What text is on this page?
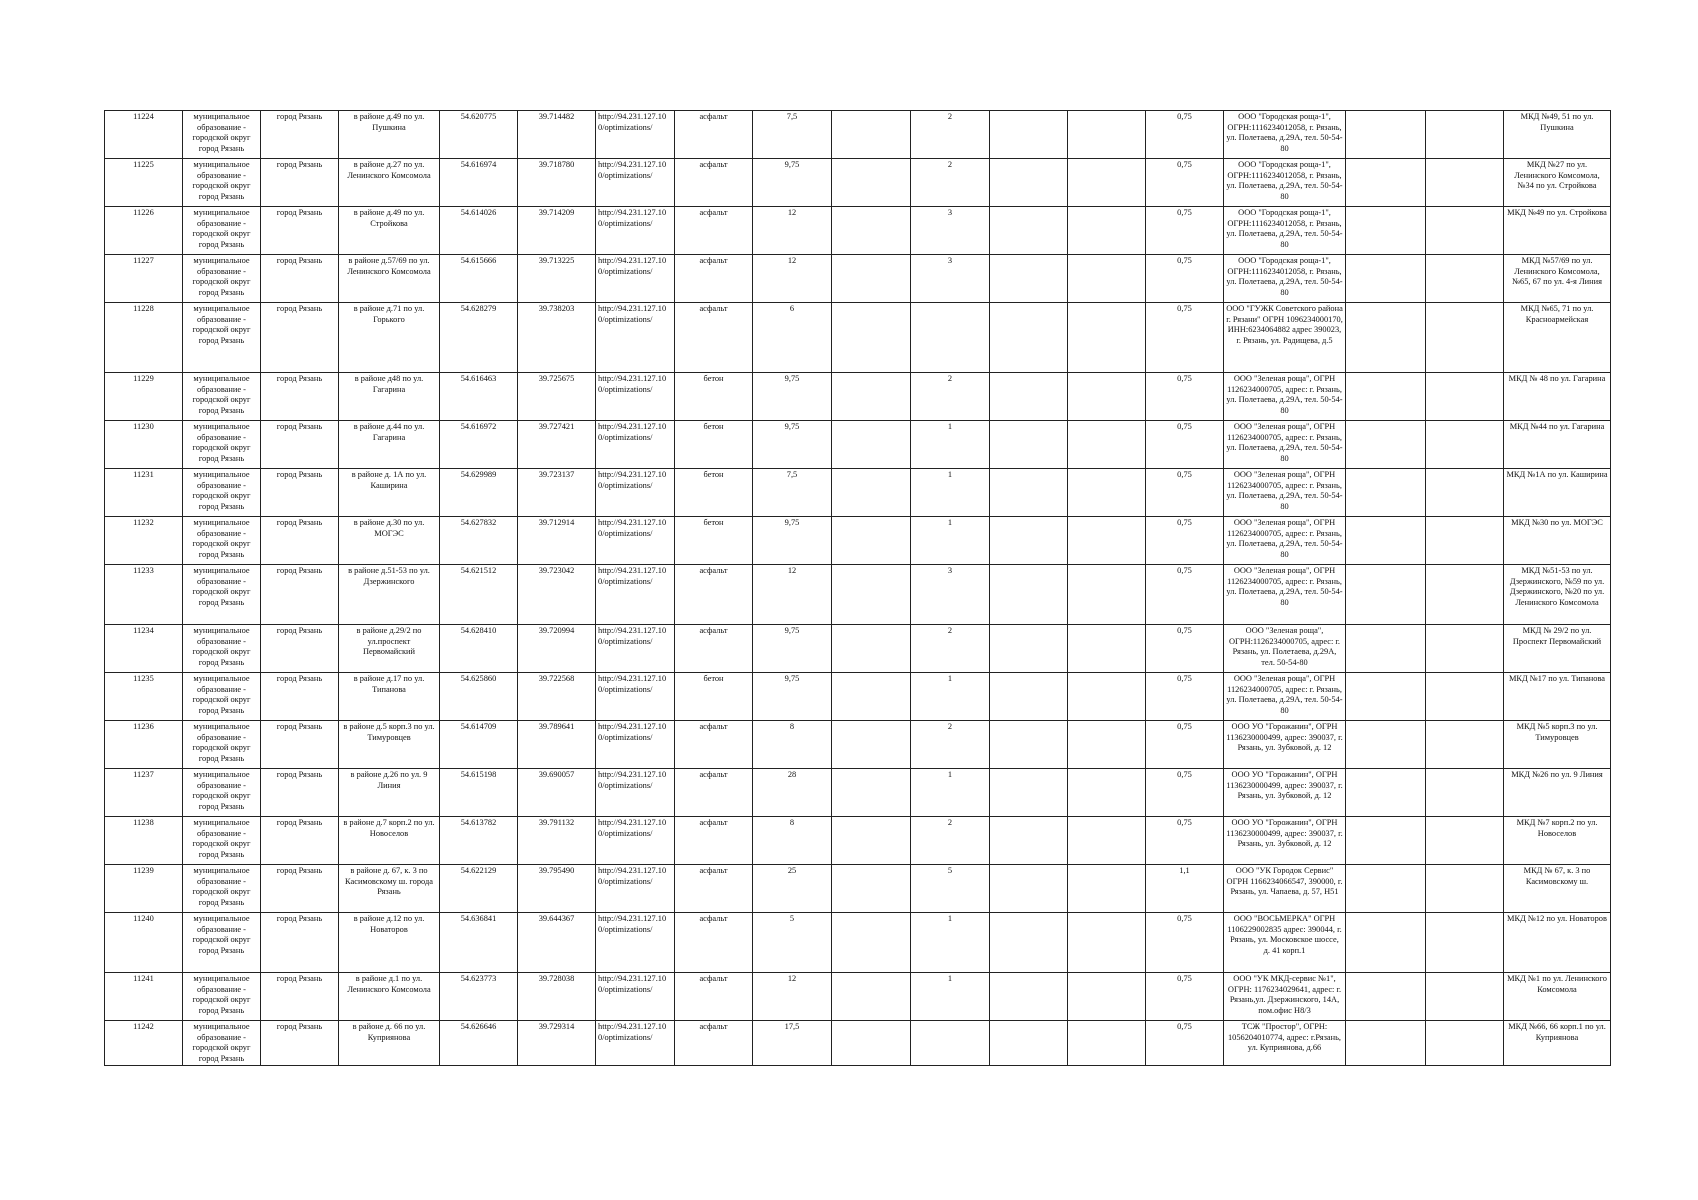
11224	муниципальное образование - городской округ город Рязань	город Рязань	в районе д.49 по ул. Пушкина	54.620775	39.714482	http://94.231.127.10 0/optimizations/	асфальт	7,5		2			0,75	ООО "Городская роща-1", ОГРН:1116234012058, г. Рязань, ул. Полетаева, д.29А, тел. 50-54-80			МКД №49, 51 по ул. Пушкина
11225	муниципальное образование - городской округ город Рязань	город Рязань	в районе д.27 по ул. Ленинского Комсомола	54.616974	39.718780	http://94.231.127.10 0/optimizations/	асфальт	9,75		2			0,75	ООО "Городская роща-1", ОГРН:1116234012058, г. Рязань, ул. Полетаева, д.29А, тел. 50-54-80			МКД №27 по ул. Ленинского Комсомола, №34 по ул. Стройкова
11226	муниципальное образование - городской округ город Рязань	город Рязань	в районе д.49 по ул. Стройкова	54.614026	39.714209	http://94.231.127.10 0/optimizations/	асфальт	12		3			0,75	ООО "Городская роща-1", ОГРН:1116234012058, г. Рязань, ул. Полетаева, д.29А, тел. 50-54-80			МКД №49 по ул. Стройкова
11227	муниципальное образование - городской округ город Рязань	город Рязань	в районе д.57/69 по ул. Ленинского Комсомола	54.615666	39.713225	http://94.231.127.10 0/optimizations/	асфальт	12		3			0,75	ООО "Городская роща-1", ОГРН:1116234012058, г. Рязань, ул. Полетаева, д.29А, тел. 50-54-80			МКД №57/69 по ул. Ленинского Комсомола, №65, 67 по ул. 4-я Линия
11228	муниципальное образование - городской округ город Рязань	город Рязань	в районе д.71 по ул. Горького	54.628279	39.738203	http://94.231.127.10 0/optimizations/	асфальт	6					0,75	ООО "ГУЖК Советского района г. Рязани" ОГРН 1096234000170, ИНН:6234064882 адрес 390023, г. Рязань, ул. Радищева, д.5			МКД №65, 71 по ул. Красноармейская
11229	муниципальное образование - городской округ город Рязань	город Рязань	в районе д48 по ул. Гагарина	54.616463	39.725675	http://94.231.127.10 0/optimizations/	бетон	9,75		2			0,75	ООО "Зеленая роща", ОГРН 1126234000705, адрес: г. Рязань, ул. Полетаева, д.29А, тел. 50-54-80			МКД № 48 по ул. Гагарина
11230	муниципальное образование - городской округ город Рязань	город Рязань	в районе д.44 по ул. Гагарина	54.616972	39.727421	http://94.231.127.10 0/optimizations/	бетон	9,75		1			0,75	ООО "Зеленая роща", ОГРН 1126234000705, адрес: г. Рязань, ул. Полетаева, д.29А, тел. 50-54-80			МКД №44 по ул. Гагарина
11231	муниципальное образование - городской округ город Рязань	город Рязань	в районе д. 1А по ул. Каширина	54.629989	39.723137	http://94.231.127.10 0/optimizations/	бетон	7,5		1			0,75	ООО "Зеленая роща", ОГРН 1126234000705, адрес: г. Рязань, ул. Полетаева, д.29А, тел. 50-54-80			МКД №1А по ул. Каширина
11232	муниципальное образование - городской округ город Рязань	город Рязань	в районе д.30 по ул. МОГЭС	54.627832	39.712914	http://94.231.127.10 0/optimizations/	бетон	9,75		1			0,75	ООО "Зеленая роща", ОГРН 1126234000705, адрес: г. Рязань, ул. Полетаева, д.29А, тел. 50-54-80			МКД №30 по ул. МОГЭС
11233	муниципальное образование - городской округ город Рязань	город Рязань	в районе д.51-53 по ул. Дзержинского	54.621512	39.723042	http://94.231.127.10 0/optimizations/	асфальт	12		3			0,75	ООО "Зеленая роща", ОГРН 1126234000705, адрес: г. Рязань, ул. Полетаева, д.29А, тел. 50-54-80			МКД №51-53 по ул. Дзержинского, №59 по ул. Дзержинского, №20 по ул. Ленинского Комсомола
11234	муниципальное образование - городской округ город Рязань	город Рязань	в районе д.29/2 по ул.проспект Первомайский	54.628410	39.720994	http://94.231.127.10 0/optimizations/	асфальт	9,75		2			0,75	ООО "Зеленая роща", ОГРН:1126234000705, адрес: г. Рязань, ул. Полетаева, д.29А, тел. 50-54-80			МКД № 29/2 по ул. Проспект Первомайский
11235	муниципальное образование - городской округ город Рязань	город Рязань	в районе д.17 по ул. Типанова	54.625860	39.722568	http://94.231.127.10 0/optimizations/	бетон	9,75		1			0,75	ООО "Зеленая роща", ОГРН 1126234000705, адрес: г. Рязань, ул. Полетаева, д.29А, тел. 50-54-80			МКД №17 по ул. Типанова
11236	муниципальное образование - городской округ город Рязань	город Рязань	в районе д.5 корп.3 по ул. Тимуровцев	54.614709	39.789641	http://94.231.127.10 0/optimizations/	асфальт	8		2			0,75	ООО УО "Горожанин", ОГРН 1136230000499, адрес: 390037, г. Рязань, ул. Зубковой, д. 12			МКД №5 корп.3 по ул. Тимуровцев
11237	муниципальное образование - городской округ город Рязань	город Рязань	в районе д.26 по ул. 9 Линия	54.615198	39.690057	http://94.231.127.10 0/optimizations/	асфальт	28		1			0,75	ООО УО "Горожанин", ОГРН 1136230000499, адрес: 390037, г. Рязань, ул. Зубковой, д. 12			МКД №26 по ул. 9 Линия
11238	муниципальное образование - городской округ город Рязань	город Рязань	в районе д.7 корп.2 по ул. Новоселов	54.613782	39.791132	http://94.231.127.10 0/optimizations/	асфальт	8		2			0,75	ООО УО "Горожанин", ОГРН 1136230000499, адрес: 390037, г. Рязань, ул. Зубковой, д. 12			МКД №7 корп.2 по ул. Новоселов
11239	муниципальное образование - городской округ город Рязань	город Рязань	в районе д. 67, к. 3 по Касимовскому ш. города Рязань	54.622129	39.795490	http://94.231.127.10 0/optimizations/	асфальт	25		5			1,1	ООО "УК Городок Сервис" ОГРН 1166234066547, 390000, г. Рязань, ул. Чапаева, д. 57, Н51			МКД № 67, к. 3 по Касимовскому ш.
11240	муниципальное образование - городской округ город Рязань	город Рязань	в районе д.12 по ул. Новаторов	54.636841	39.644367	http://94.231.127.10 0/optimizations/	асфальт	5		1			0,75	ООО "ВОСЬМЕРКА" ОГРН 1106229002835 адрес: 390044, г. Рязань, ул. Московское шоссе, д. 41 корп.1			МКД №12 по ул. Новаторов
11241	муниципальное образование - городской округ город Рязань	город Рязань	в районе д.1 по ул. Ленинского Комсомола	54.623773	39.728038	http://94.231.127.10 0/optimizations/	асфальт	12		1			0,75	ООО "УК МКД-сервис №1", ОГРН: 1176234029641, адрес: г. Рязань,ул. Дзержинского, 14А, пом.офис Н8/3			МКД №1 по ул. Ленинского Комсомола
11242	муниципальное образование - городской округ город Рязань	город Рязань	в районе д. 66 по ул. Куприянова	54.626646	39.729314	http://94.231.127.10 0/optimizations/	асфальт	17,5					0,75	ТСЖ "Простор", ОГРН: 1056204010774, адрес: г.Рязань, ул. Куприянова, д.66			МКД №66, 66 корп.1 по ул. Куприянова
